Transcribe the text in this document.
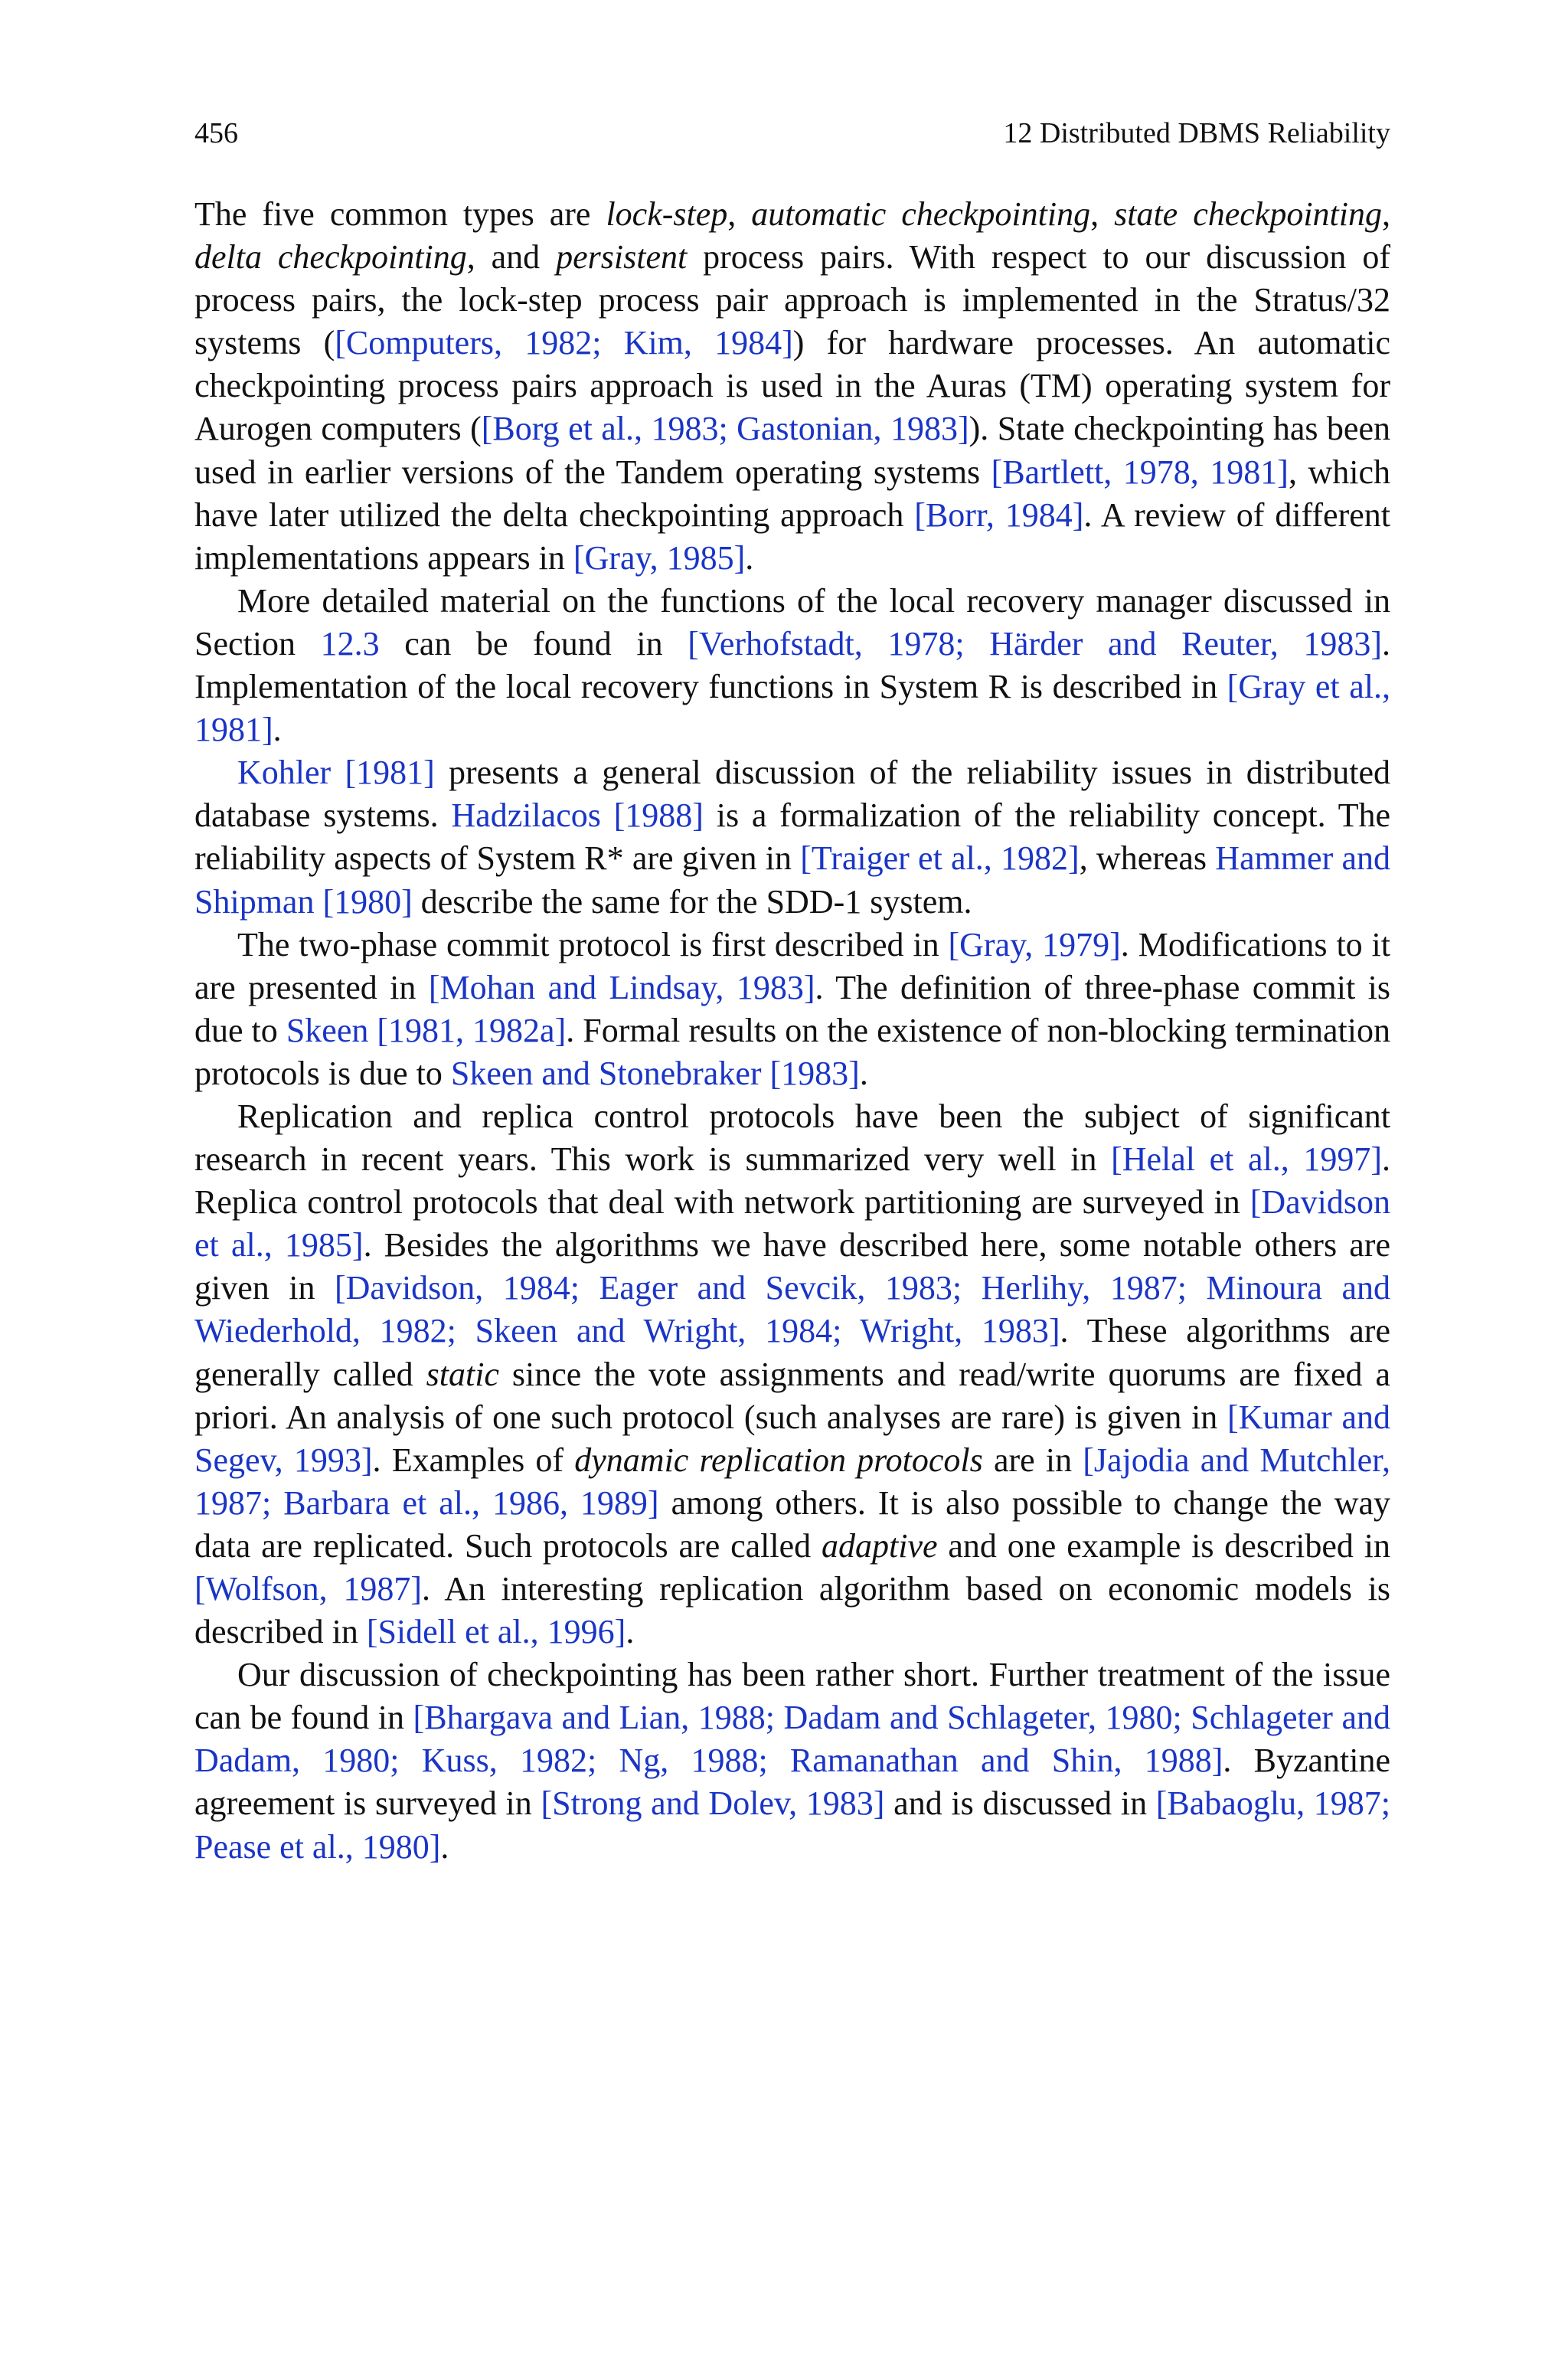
456	12 Distributed DBMS Reliability

The five common types are lock-step, automatic checkpointing, state checkpointing, delta checkpointing, and persistent process pairs. With respect to our discussion of process pairs, the lock-step process pair approach is implemented in the Stratus/32 systems ([Computers, 1982; Kim, 1984]) for hardware processes. An automatic checkpointing process pairs approach is used in the Auras (TM) operating system for Aurogen computers ([Borg et al., 1983; Gastonian, 1983]). State checkpointing has been used in earlier versions of the Tandem operating systems [Bartlett, 1978, 1981], which have later utilized the delta checkpointing approach [Borr, 1984]. A review of different implementations appears in [Gray, 1985].

More detailed material on the functions of the local recovery manager discussed in Section 12.3 can be found in [Verhofstadt, 1978; Härder and Reuter, 1983]. Implementation of the local recovery functions in System R is described in [Gray et al., 1981].

Kohler [1981] presents a general discussion of the reliability issues in distributed database systems. Hadzilacos [1988] is a formalization of the reliability concept. The reliability aspects of System R* are given in [Traiger et al., 1982], whereas Hammer and Shipman [1980] describe the same for the SDD-1 system.

The two-phase commit protocol is first described in [Gray, 1979]. Modifications to it are presented in [Mohan and Lindsay, 1983]. The definition of three-phase commit is due to Skeen [1981, 1982a]. Formal results on the existence of non-blocking termination protocols is due to Skeen and Stonebraker [1983].

Replication and replica control protocols have been the subject of significant research in recent years. This work is summarized very well in [Helal et al., 1997]. Replica control protocols that deal with network partitioning are surveyed in [Davidson et al., 1985]. Besides the algorithms we have described here, some notable others are given in [Davidson, 1984; Eager and Sevcik, 1983; Herlihy, 1987; Minoura and Wiederhold, 1982; Skeen and Wright, 1984; Wright, 1983]. These algorithms are generally called static since the vote assignments and read/write quorums are fixed a priori. An analysis of one such protocol (such analyses are rare) is given in [Kumar and Segev, 1993]. Examples of dynamic replication protocols are in [Jajodia and Mutchler, 1987; Barbara et al., 1986, 1989] among others. It is also possible to change the way data are replicated. Such protocols are called adaptive and one example is described in [Wolfson, 1987]. An interesting replication algorithm based on economic models is described in [Sidell et al., 1996].

Our discussion of checkpointing has been rather short. Further treatment of the issue can be found in [Bhargava and Lian, 1988; Dadam and Schlageter, 1980; Schlageter and Dadam, 1980; Kuss, 1982; Ng, 1988; Ramanathan and Shin, 1988]. Byzantine agreement is surveyed in [Strong and Dolev, 1983] and is discussed in [Babaoglu, 1987; Pease et al., 1980].
